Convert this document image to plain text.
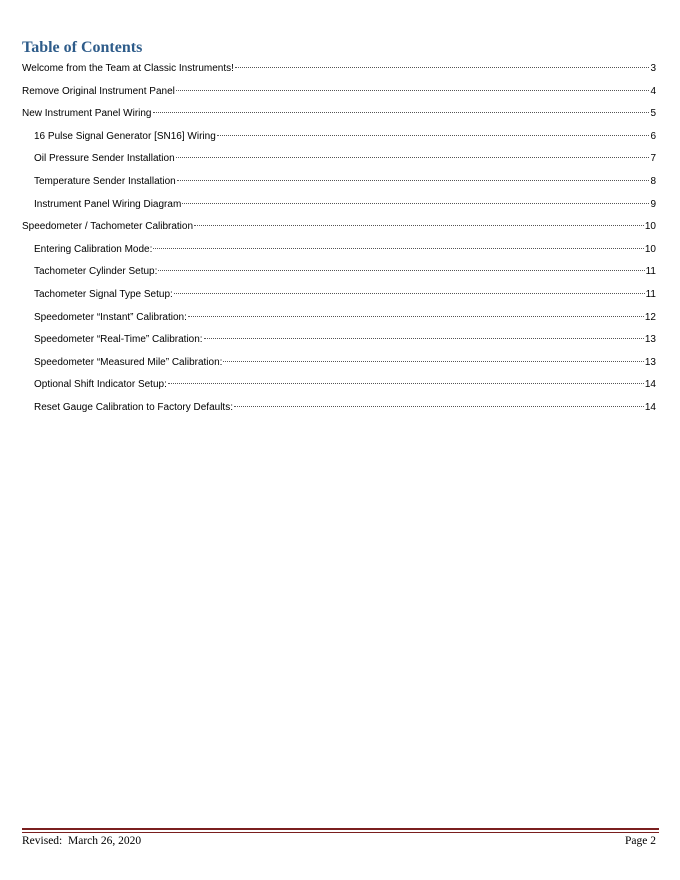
Table of Contents
Welcome from the Team at Classic Instruments!	3
Remove Original Instrument Panel	4
New Instrument Panel Wiring	5
16 Pulse Signal Generator [SN16] Wiring	6
Oil Pressure Sender Installation	7
Temperature Sender Installation	8
Instrument Panel Wiring Diagram	9
Speedometer / Tachometer Calibration	10
Entering Calibration Mode:	10
Tachometer Cylinder Setup:	11
Tachometer Signal Type Setup:	11
Speedometer “Instant” Calibration:	12
Speedometer “Real-Time” Calibration:	13
Speedometer “Measured Mile” Calibration:	13
Optional Shift Indicator Setup:	14
Reset Gauge Calibration to Factory Defaults:	14
Revised:  March 26, 2020	Page 2
